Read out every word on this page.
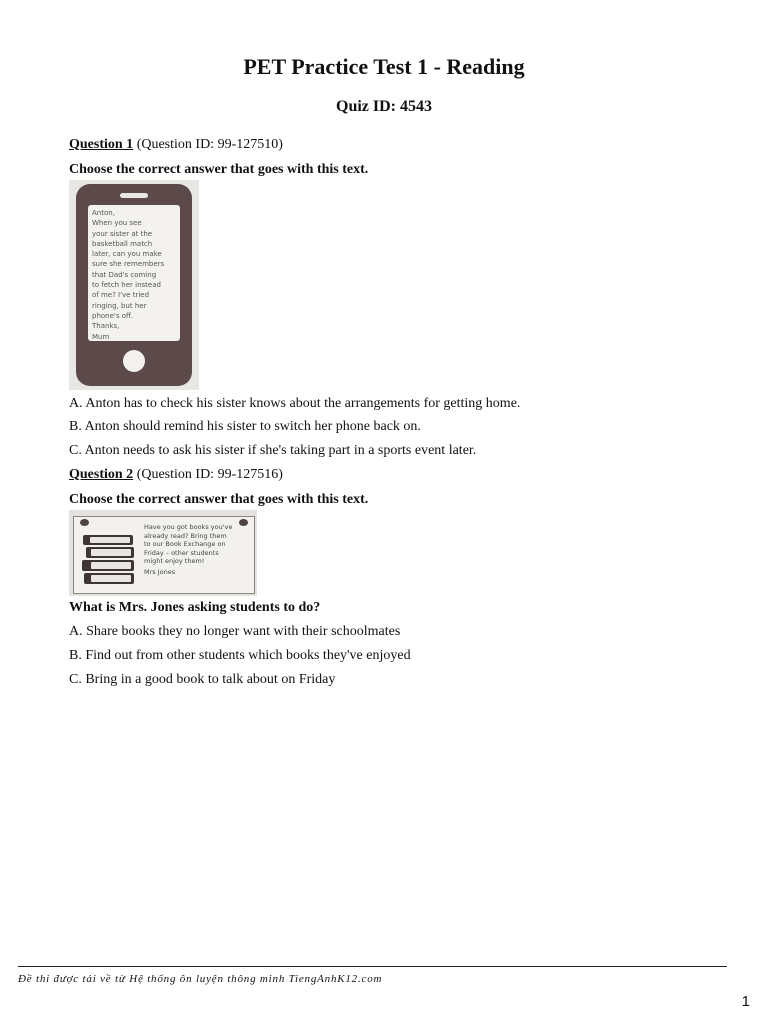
PET Practice Test 1 - Reading
Quiz ID: 4543
Question 1 (Question ID: 99-127510)
Choose the correct answer that goes with this text.
Anton,
When you see
your sister at the
basketball match
later, can you make
sure she remembers
that Dad's coming
to fetch her instead
of me? I've tried
ringing, but her
phone's off.
Thanks,
Mum
A. Anton has to check his sister knows about the arrangements for getting home.
B. Anton should remind his sister to switch her phone back on.
C. Anton needs to ask his sister if she's taking part in a sports event later.
Question 2 (Question ID: 99-127516)
Choose the correct answer that goes with this text.
Have you got books you've
already read? Bring them
to our Book Exchange on
Friday – other students
might enjoy them!
Mrs Jones
What is Mrs. Jones asking students to do?
A. Share books they no longer want with their schoolmates
B. Find out from other students which books they've enjoyed
C. Bring in a good book to talk about on Friday
Đề thi được tải về từ Hệ thống ôn luyện thông minh TiengAnhK12.com
1
